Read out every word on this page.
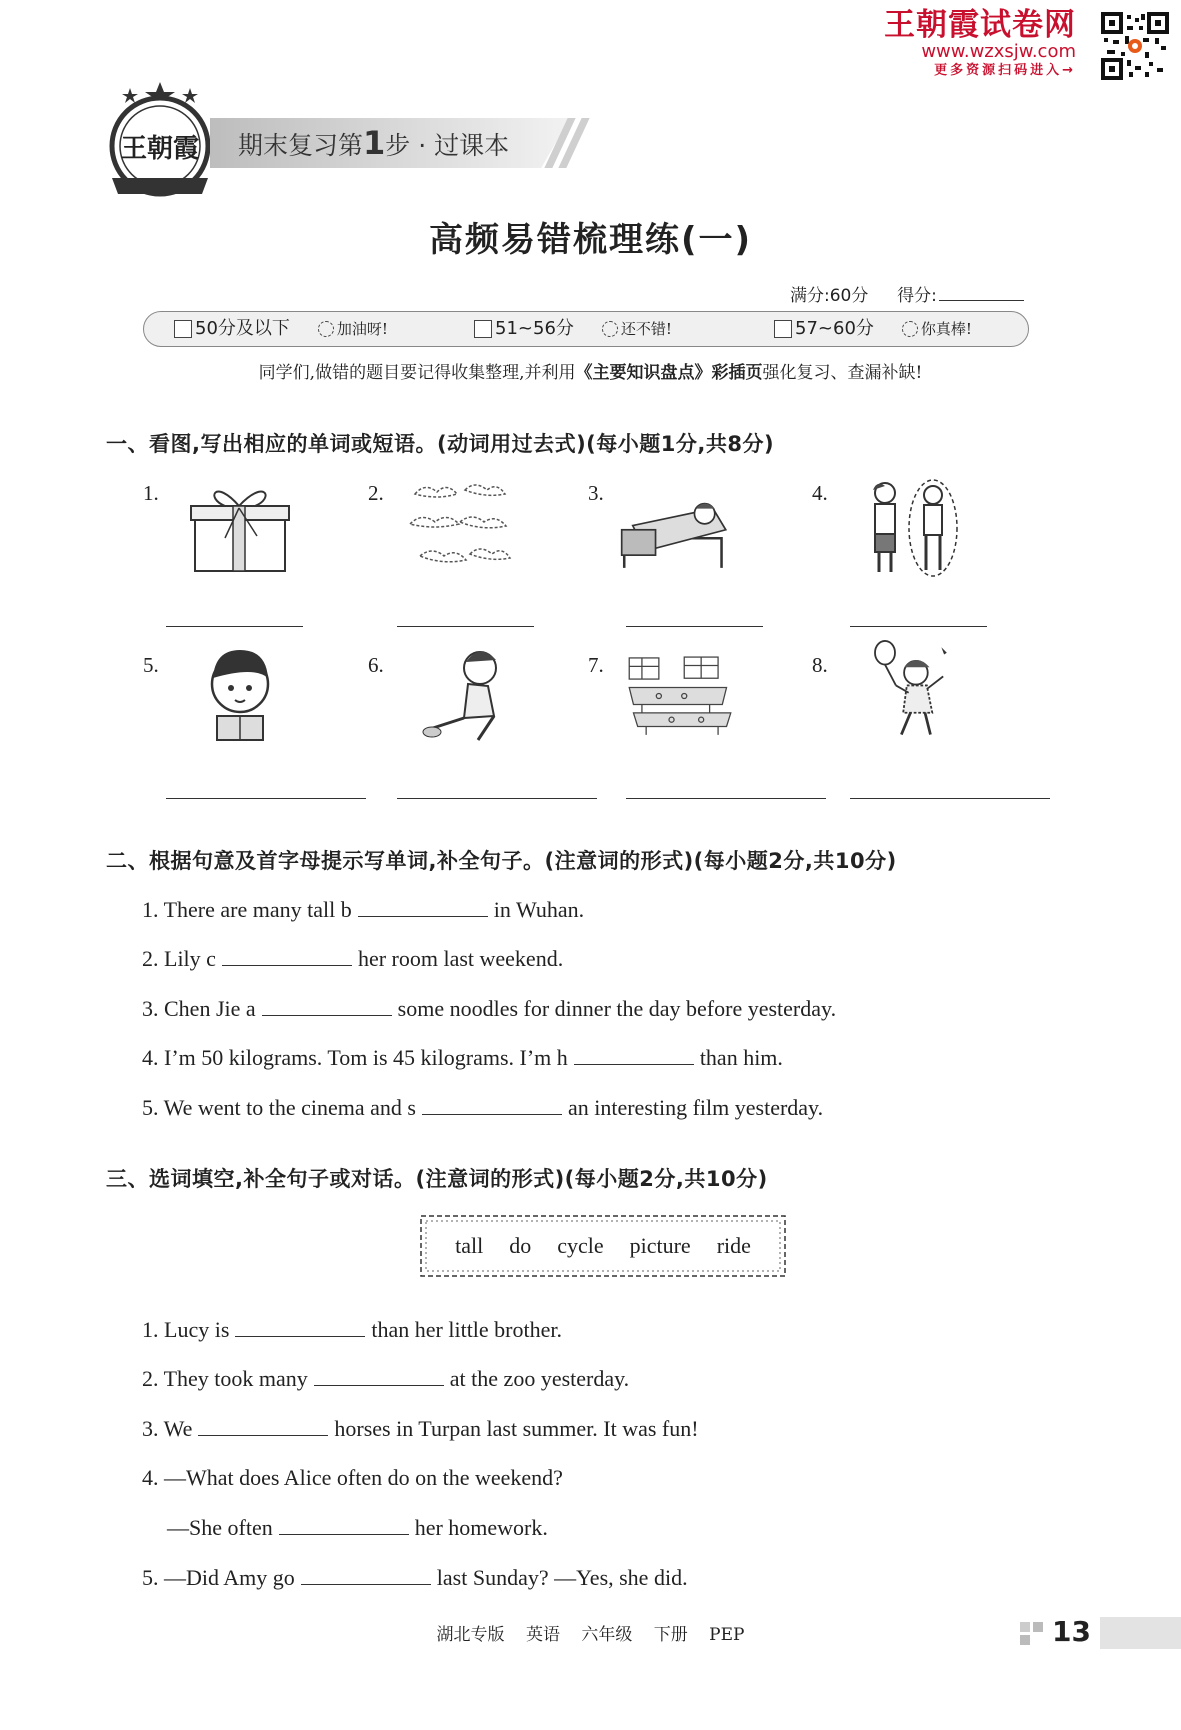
王朝霞试卷网
www.wzxsjw.com
更多资源扫码进入→
王朝霞 期末复习第1步 · 过课本
高频易错梳理练(一)
满分:60分 得分:
50分及以下	加油呀!	51~56分	还不错!	57~60分	你真棒!
同学们,做错的题目要记得收集整理,并利用《主要知识盘点》彩插页强化复习、查漏补缺!
一、看图,写出相应的单词或短语。(动词用过去式)(每小题1分,共8分)
1.	2.	3.	4.
5.	6.	7.	8.
二、根据句意及首字母提示写单词,补全句子。(注意词的形式)(每小题2分,共10分)
1. There are many tall b	in Wuhan.
2. Lily c	her room last weekend.
3. Chen Jie a	some noodles for dinner the day before yesterday.
4. I’m 50 kilograms. Tom is 45 kilograms. I’m h	than him.
5. We went to the cinema and s	an interesting film yesterday.
三、选词填空,补全句子或对话。(注意词的形式)(每小题2分,共10分)
tall do cycle picture ride
1. Lucy is	than her little brother.
2. They took many	at the zoo yesterday.
3. We	horses in Turpan last summer. It was fun!
4. —What does Alice often do on the weekend?
—She often	her homework.
5. —Did Amy go	last Sunday? —Yes, she did.
湖北专版 英语 六年级 下册 PEP	13
